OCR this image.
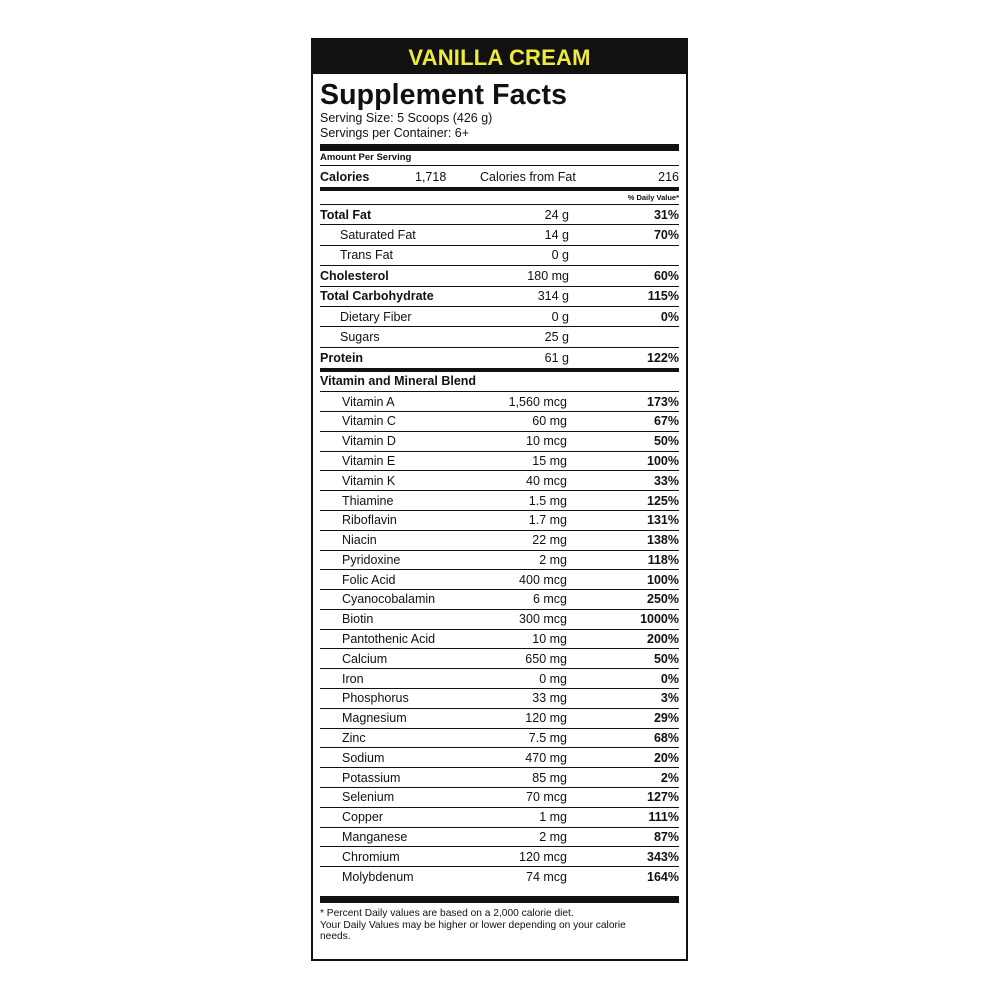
VANILLA CREAM
Supplement Facts
Serving Size: 5 Scoops (426 g)
Servings per Container: 6+
Amount Per Serving
Calories	1,718	Calories from Fat	216
% Daily Value*
Total Fat	24 g	31%
Saturated Fat	14 g	70%
Trans Fat	0 g
Cholesterol	180 mg	60%
Total Carbohydrate	314 g	115%
Dietary Fiber	0 g	0%
Sugars	25 g
Protein	61 g	122%
Vitamin and Mineral Blend
Vitamin A	1,560 mcg	173%
Vitamin C	60 mg	67%
Vitamin D	10 mcg	50%
Vitamin E	15 mg	100%
Vitamin K	40 mcg	33%
Thiamine	1.5 mg	125%
Riboflavin	1.7 mg	131%
Niacin	22 mg	138%
Pyridoxine	2 mg	118%
Folic Acid	400 mcg	100%
Cyanocobalamin	6 mcg	250%
Biotin	300 mcg	1000%
Pantothenic Acid	10 mg	200%
Calcium	650 mg	50%
Iron	0 mg	0%
Phosphorus	33 mg	3%
Magnesium	120 mg	29%
Zinc	7.5 mg	68%
Sodium	470 mg	20%
Potassium	85 mg	2%
Selenium	70 mcg	127%
Copper	1 mg	111%
Manganese	2 mg	87%
Chromium	120 mcg	343%
Molybdenum	74 mcg	164%
* Percent Daily values are based on a 2,000 calorie diet.
Your Daily Values may be higher or lower depending on your calorie
needs.
